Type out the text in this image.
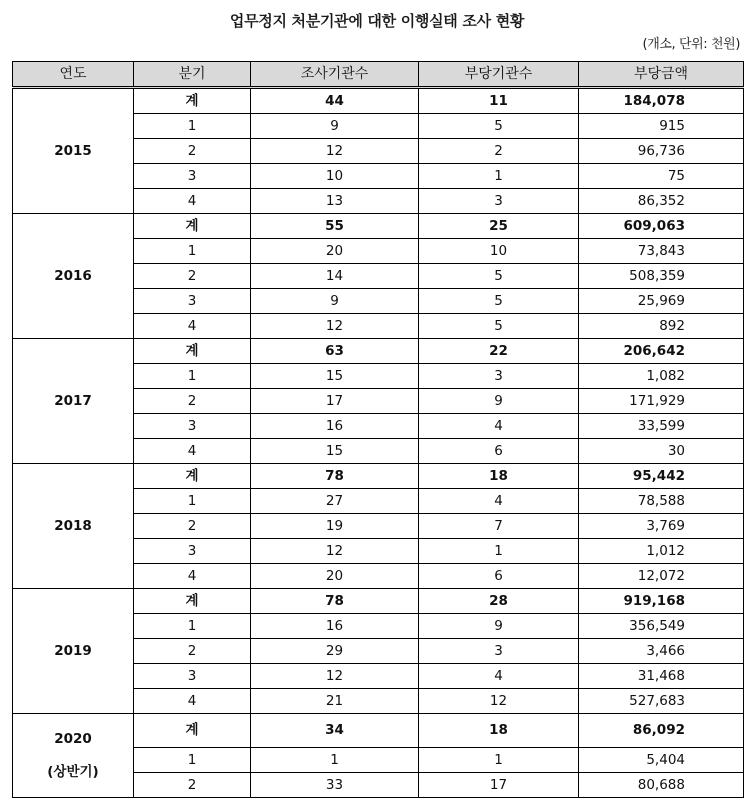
업무정지 처분기관에 대한 이행실태 조사 현황
(개소, 단위: 천원)
연도	분기	조사기관수	부당기관수	부당금액

2015	계	44	11	184,078
	1	9	5	915
	2	12	2	96,736
	3	10	1	75
	4	13	3	86,352

2016	계	55	25	609,063
	1	20	10	73,843
	2	14	5	508,359
	3	9	5	25,969
	4	12	5	892

2017	계	63	22	206,642
	1	15	3	1,082
	2	17	9	171,929
	3	16	4	33,599
	4	15	6	30

2018	계	78	18	95,442
	1	27	4	78,588
	2	19	7	3,769
	3	12	1	1,012
	4	20	6	12,072

2019	계	78	28	919,168
	1	16	9	356,549
	2	29	3	3,466
	3	12	4	31,468
	4	21	12	527,683

2020
(상반기)	계	34	18	86,092
	1	1	1	5,404
	2	33	17	80,688
